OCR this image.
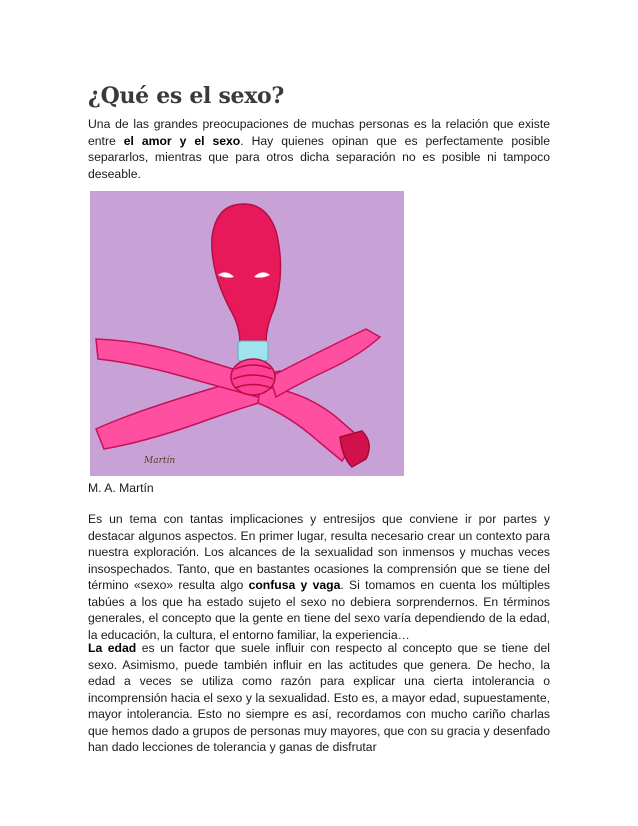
¿Qué es el sexo?

Una de las grandes preocupaciones de muchas personas es la relación que existe entre el amor y el sexo. Hay quienes opinan que es perfectamente posible separarlos, mientras que para otros dicha separación no es posible ni tampoco deseable.

Martín

M. A. Martín

Es un tema con tantas implicaciones y entresijos que conviene ir por partes y destacar algunos aspectos. En primer lugar, resulta necesario crear un contexto para nuestra exploración. Los alcances de la sexualidad son inmensos y muchas veces insospechados. Tanto, que en bastantes ocasiones la comprensión que se tiene del término «sexo» resulta algo confusa y vaga. Si tomamos en cuenta los múltiples tabúes a los que ha estado sujeto el sexo no debiera sorprendernos. En términos generales, el concepto que la gente en tiene del sexo varía dependiendo de la edad, la educación, la cultura, el entorno familiar, la experiencia…

La edad es un factor que suele influir con respecto al concepto que se tiene del sexo. Asimismo, puede también influir en las actitudes que genera. De hecho, la edad a veces se utiliza como razón para explicar una cierta intolerancia o incomprensión hacia el sexo y la sexualidad. Esto es, a mayor edad, supuestamente, mayor intolerancia. Esto no siempre es así, recordamos con mucho cariño charlas que hemos dado a grupos de personas muy mayores, que con su gracia y desenfado han dado lecciones de tolerancia y ganas de disfrutar
